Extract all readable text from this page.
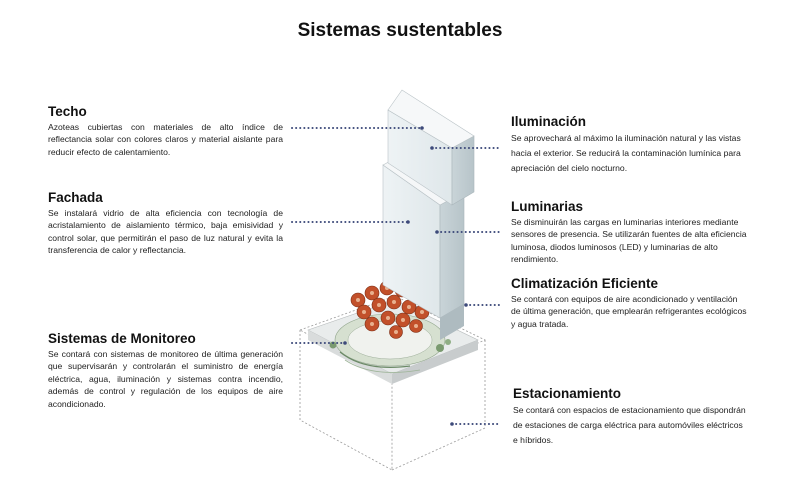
Sistemas sustentables
Techo

Azoteas cubiertas con materiales de alto índice de reflectancia solar con colores claros y material aislante para reducir efecto de calentamiento.

Fachada

Se instalará vidrio de alta eficiencia con tecnología de acristalamiento de aislamiento térmico, baja emisividad y control solar, que permitirán el paso de luz natural y evita la transferencia de calor y reflectancia.

Sistemas de Monitoreo

Se contará con sistemas de monitoreo de última generación que supervisarán y controlarán el suministro de energía eléctrica, agua, iluminación y sistemas contra incendio, además de control y regulación de los equipos de aire acondicionado.

Iluminación

Se aprovechará al máximo la iluminación natural y las vistas hacia el exterior. Se reducirá la contaminación lumínica para apreciación del cielo nocturno.

Luminarias

Se disminuirán las cargas en luminarias interiores mediante sensores de presencia. Se utilizarán fuentes de alta eficiencia luminosa, diodos luminosos (LED) y luminarias de alto rendimiento.

Climatización Eficiente

Se contará con equipos de aire acondicionado y ventilación de última generación, que emplearán refrigerantes ecológicos y agua tratada.

Estacionamiento

Se contará con espacios de estacionamiento que dispondrán de estaciones de carga eléctrica para automóviles eléctricos e híbridos.
